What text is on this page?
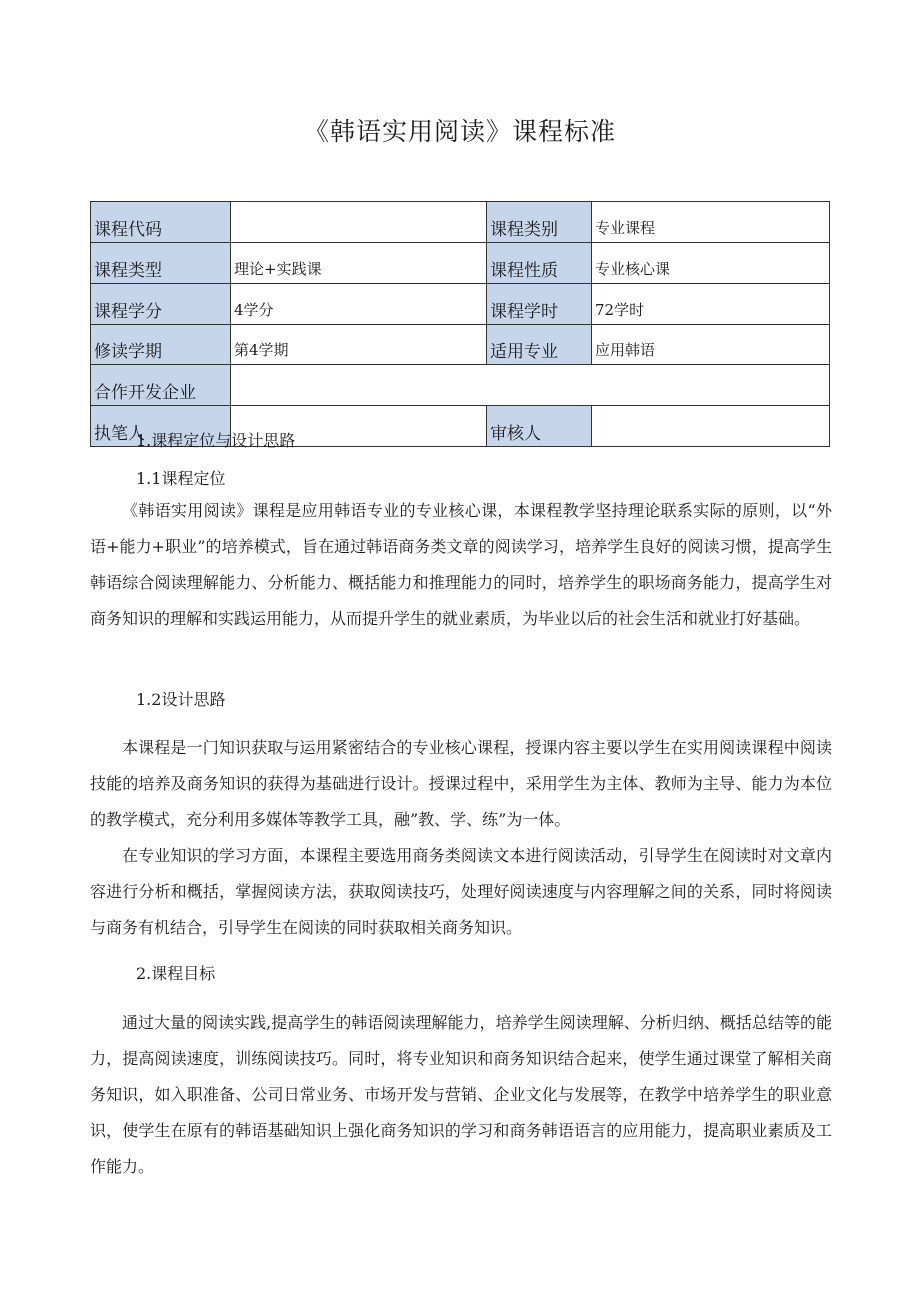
《韩语实用阅读》课程标准
课程代码		课程类别	专业课程
课程类型	理论+实践课	课程性质	专业核心课
课程学分	4学分	课程学时	72学时
修读学期	第4学期	适用专业	应用韩语
合作开发企业			
执笔人		审核人	
1.课程定位与设计思路
1.1课程定位

《韩语实用阅读》课程是应用韩语专业的专业核心课，本课程教学坚持理论联系实际的原则，以“外语+能力+职业”的培养模式，旨在通过韩语商务类文章的阅读学习，培养学生良好的阅读习惯，提高学生韩语综合阅读理解能力、分析能力、概括能力和推理能力的同时，培养学生的职场商务能力，提高学生对商务知识的理解和实践运用能力，从而提升学生的就业素质，为毕业以后的社会生活和就业打好基础。

1.2设计思路

本课程是一门知识获取与运用紧密结合的专业核心课程，授课内容主要以学生在实用阅读课程中阅读技能的培养及商务知识的获得为基础进行设计。授课过程中，采用学生为主体、教师为主导、能力为本位的教学模式，充分利用多媒体等教学工具，融”教、学、练”为一体。

在专业知识的学习方面，本课程主要选用商务类阅读文本进行阅读活动，引导学生在阅读时对文章内容进行分析和概括，掌握阅读方法，获取阅读技巧，处理好阅读速度与内容理解之间的关系，同时将阅读与商务有机结合，引导学生在阅读的同时获取相关商务知识。

2.课程目标

通过大量的阅读实践,提高学生的韩语阅读理解能力，培养学生阅读理解、分析归纳、概括总结等的能力，提高阅读速度，训练阅读技巧。同时，将专业知识和商务知识结合起来，使学生通过课堂了解相关商务知识，如入职准备、公司日常业务、市场开发与营销、企业文化与发展等，在教学中培养学生的职业意识，使学生在原有的韩语基础知识上强化商务知识的学习和商务韩语语言的应用能力，提高职业素质及工作能力。
